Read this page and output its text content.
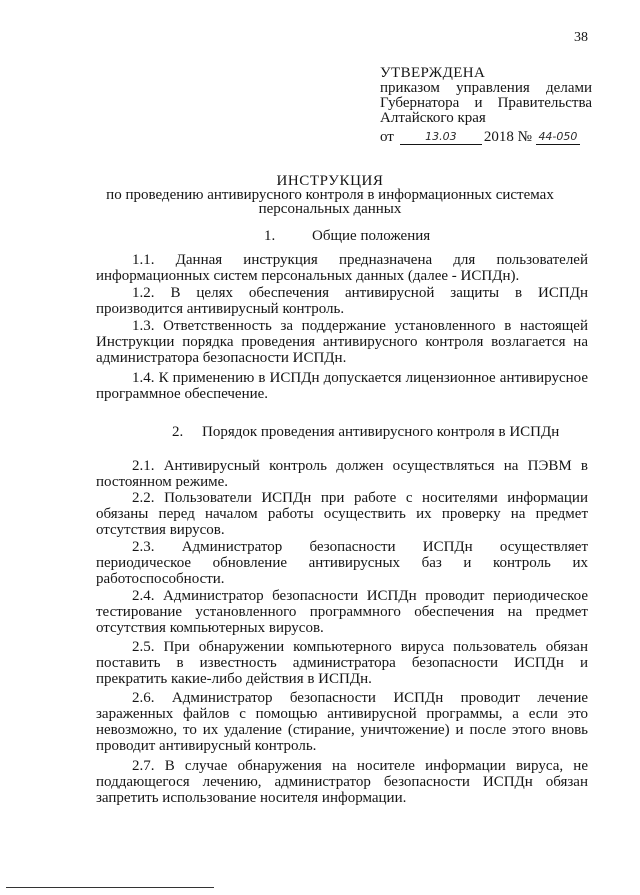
38
УТВЕРЖДЕНА
приказом управления делами
Губернатора и Правительства
Алтайского края
от	13.03	2018 № 44-050
ИНСТРУКЦИЯ
по проведению антивирусного контроля в информационных системах
персональных данных
1. Общие положения

1.1. Данная инструкция предназначена для пользователей информационных систем персональных данных (далее - ИСПДн).

1.2. В целях обеспечения антивирусной защиты в ИСПДн производится антивирусный контроль.

1.3. Ответственность за поддержание установленного в настоящей Инструкции порядка проведения антивирусного контроля возлагается на администратора безопасности ИСПДн.

1.4. К применению в ИСПДн допускается лицензионное антивирусное программное обеспечение.

2. Порядок проведения антивирусного контроля в ИСПДн

2.1. Антивирусный контроль должен осуществляться на ПЭВМ в постоянном режиме.

2.2. Пользователи ИСПДн при работе с носителями информации обязаны перед началом работы осуществить их проверку на предмет отсутствия вирусов.

2.3. Администратор безопасности ИСПДн осуществляет периодическое обновление антивирусных баз и контроль их работоспособности.

2.4. Администратор безопасности ИСПДн проводит периодическое тестирование установленного программного обеспечения на предмет отсутствия компьютерных вирусов.

2.5. При обнаружении компьютерного вируса пользователь обязан поставить в известность администратора безопасности ИСПДн и прекратить какие-либо действия в ИСПДн.

2.6. Администратор безопасности ИСПДн проводит лечение зараженных файлов с помощью антивирусной программы, а если это невозможно, то их удаление (стирание, уничтожение) и после этого вновь проводит антивирусный контроль.

2.7. В случае обнаружения на носителе информации вируса, не поддающегося лечению, администратор безопасности ИСПДн обязан запретить использование носителя информации.
